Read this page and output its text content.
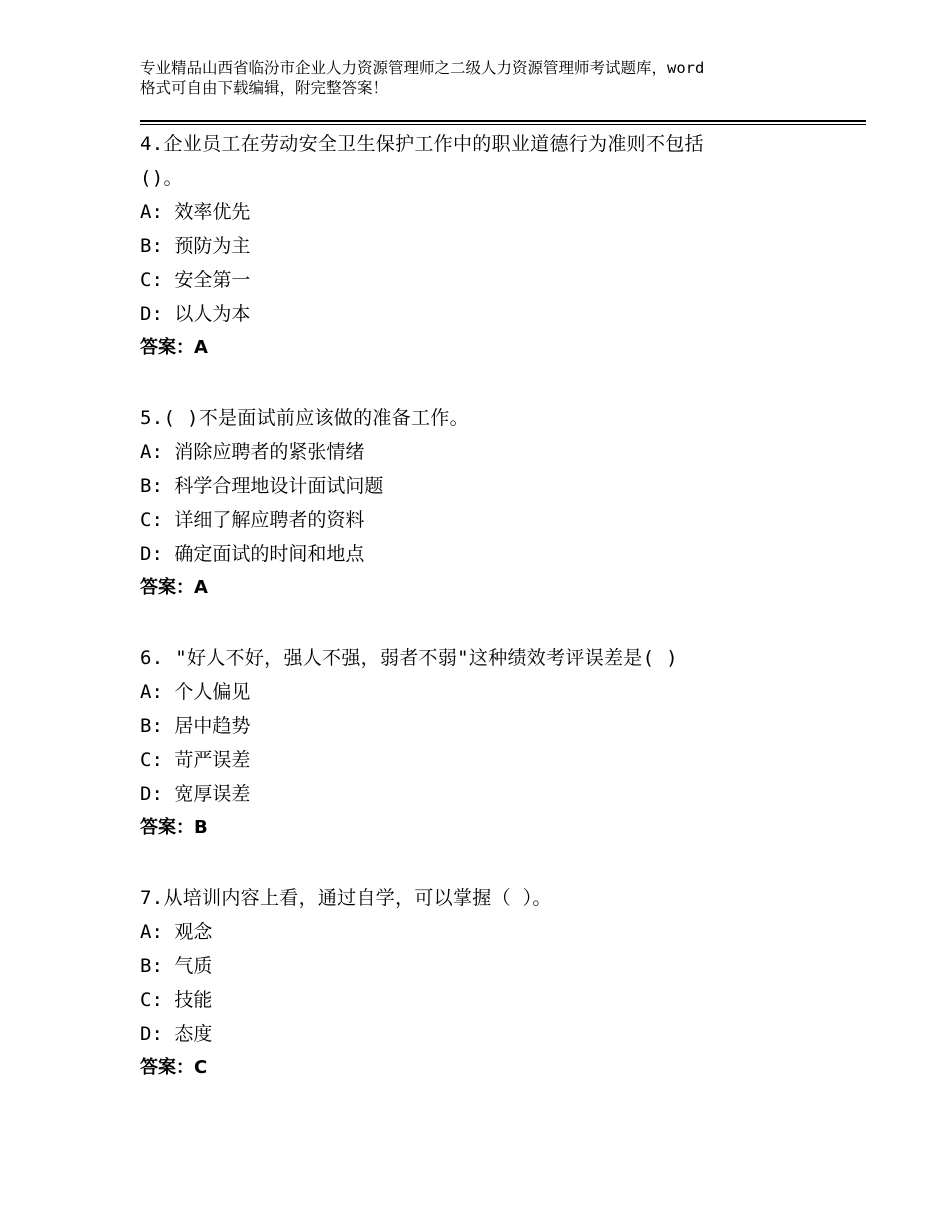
专业精品山西省临汾市企业人力资源管理师之二级人力资源管理师考试题库，word
格式可自由下载编辑，附完整答案！
4.企业员工在劳动安全卫生保护工作中的职业道德行为准则不包括
()。
A: 效率优先
B: 预防为主
C: 安全第一
D: 以人为本
答案：A
5.( )不是面试前应该做的准备工作。
A: 消除应聘者的紧张情绪
B: 科学合理地设计面试问题
C: 详细了解应聘者的资料
D: 确定面试的时间和地点
答案：A
6. "好人不好，强人不强，弱者不弱"这种绩效考评误差是( )
A: 个人偏见
B: 居中趋势
C: 苛严误差
D: 宽厚误差
答案：B
7.从培训内容上看，通过自学，可以掌握（ ）。
A: 观念
B: 气质
C: 技能
D: 态度
答案：C
